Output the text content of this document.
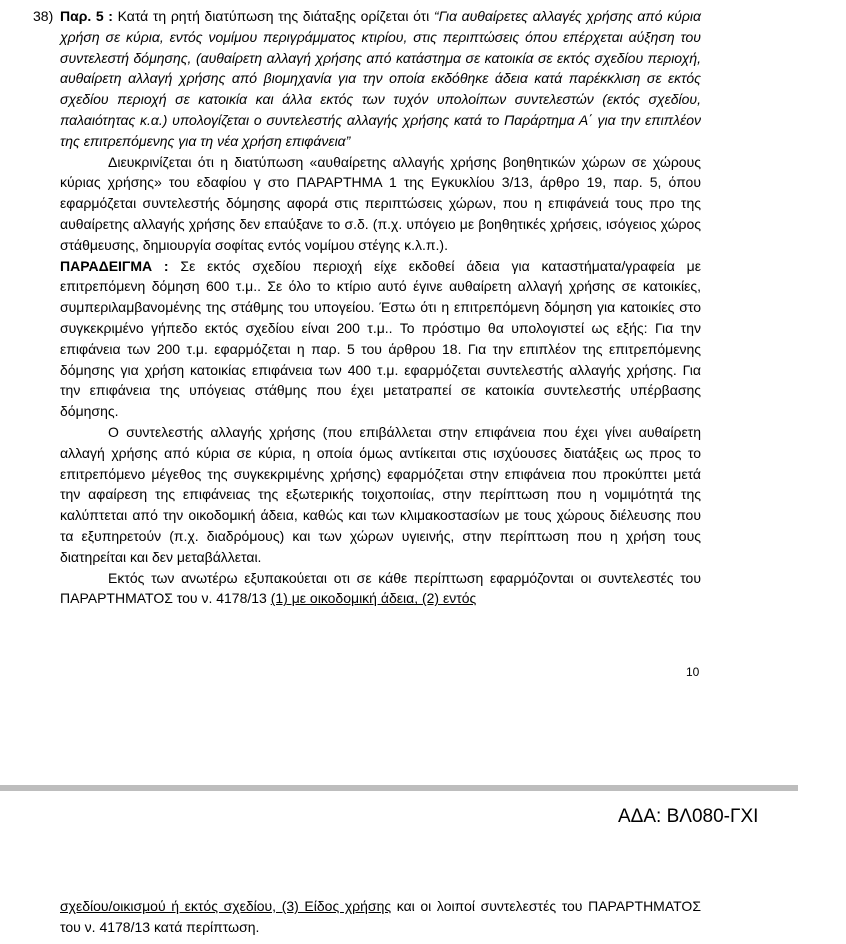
38) Παρ. 5 : Κατά τη ρητή διατύπωση της διάταξης ορίζεται ότι “Για αυθαίρετες αλλαγές χρήσης από κύρια χρήση σε κύρια, εντός νομίμου περιγράμματος κτιρίου, στις περιπτώσεις όπου επέρχεται αύξηση του συντελεστή δόμησης, (αυθαίρετη αλλαγή χρήσης από κατάστημα σε κατοικία σε εκτός σχεδίου περιοχή, αυθαίρετη αλλαγή χρήσης από βιομηχανία για την οποία εκδόθηκε άδεια κατά παρέκκλιση σε εκτός σχεδίου περιοχή σε κατοικία και άλλα εκτός των τυχόν υπολοίπων συντελεστών (εκτός σχεδίου, παλαιότητας κ.α.) υπολογίζεται ο συντελεστής αλλαγής χρήσης κατά το Παράρτημα Α΄ για την επιπλέον της επιτρεπόμενης για τη νέα χρήση επιφάνεια”

Διευκρινίζεται ότι η διατύπωση «αυθαίρετης αλλαγής χρήσης βοηθητικών χώρων σε χώρους κύριας χρήσης» του εδαφίου γ στο ΠΑΡΑΡΤΗΜΑ 1 της Εγκυκλίου 3/13, άρθρο 19, παρ. 5, όπου εφαρμόζεται συντελεστής δόμησης αφορά στις περιπτώσεις χώρων, που η επιφάνειά τους προ της αυθαίρετης αλλαγής χρήσης δεν επαύξανε το σ.δ. (π.χ. υπόγειο με βοηθητικές χρήσεις, ισόγειος χώρος στάθμευσης, δημιουργία σοφίτας εντός νομίμου στέγης κ.λ.π.).

ΠΑΡΑΔΕΙΓΜΑ : Σε εκτός σχεδίου περιοχή είχε εκδοθεί άδεια για καταστήματα/γραφεία με επιτρεπόμενη δόμηση 600 τ.μ.. Σε όλο το κτίριο αυτό έγινε αυθαίρετη αλλαγή χρήσης σε κατοικίες, συμπεριλαμβανομένης της στάθμης του υπογείου. Έστω ότι η επιτρεπόμενη δόμηση για κατοικίες στο συγκεκριμένο γήπεδο εκτός σχεδίου είναι 200 τ.μ.. Το πρόστιμο θα υπολογιστεί ως εξής: Για την επιφάνεια των 200 τ.μ. εφαρμόζεται η παρ. 5 του άρθρου 18. Για την επιπλέον της επιτρεπόμενης δόμησης για χρήση κατοικίας επιφάνεια των 400 τ.μ. εφαρμόζεται συντελεστής αλλαγής χρήσης. Για την επιφάνεια της υπόγειας στάθμης που έχει μετατραπεί σε κατοικία συντελεστής υπέρβασης δόμησης.

Ο συντελεστής αλλαγής χρήσης (που επιβάλλεται στην επιφάνεια που έχει γίνει αυθαίρετη αλλαγή χρήσης από κύρια σε κύρια, η οποία όμως αντίκειται στις ισχύουσες διατάξεις ως προς το επιτρεπόμενο μέγεθος της συγκεκριμένης χρήσης) εφαρμόζεται στην επιφάνεια που προκύπτει μετά την αφαίρεση της επιφάνειας της εξωτερικής τοιχοποιίας, στην περίπτωση που η νομιμότητά της καλύπτεται από την οικοδομική άδεια, καθώς και των κλιμακοστασίων με τους χώρους διέλευσης που τα εξυπηρετούν (π.χ. διαδρόμους) και των χώρων υγιεινής, στην περίπτωση που η χρήση τους διατηρείται και δεν μεταβάλλεται.

Εκτός των ανωτέρω εξυπακούεται οτι σε κάθε περίπτωση εφαρμόζονται οι συντελεστές του ΠΑΡΑΡΤΗΜΑΤΟΣ του ν. 4178/13 (1) με οικοδομική άδεια, (2) εντός

10
ΑΔΑ: ΒΛ080-ΓΧΙ

σχεδίου/οικισμού ή εκτός σχεδίου, (3) Είδος χρήσης και οι λοιποί συντελεστές του ΠΑΡΑΡΤΗΜΑΤΟΣ του ν. 4178/13 κατά περίπτωση.
